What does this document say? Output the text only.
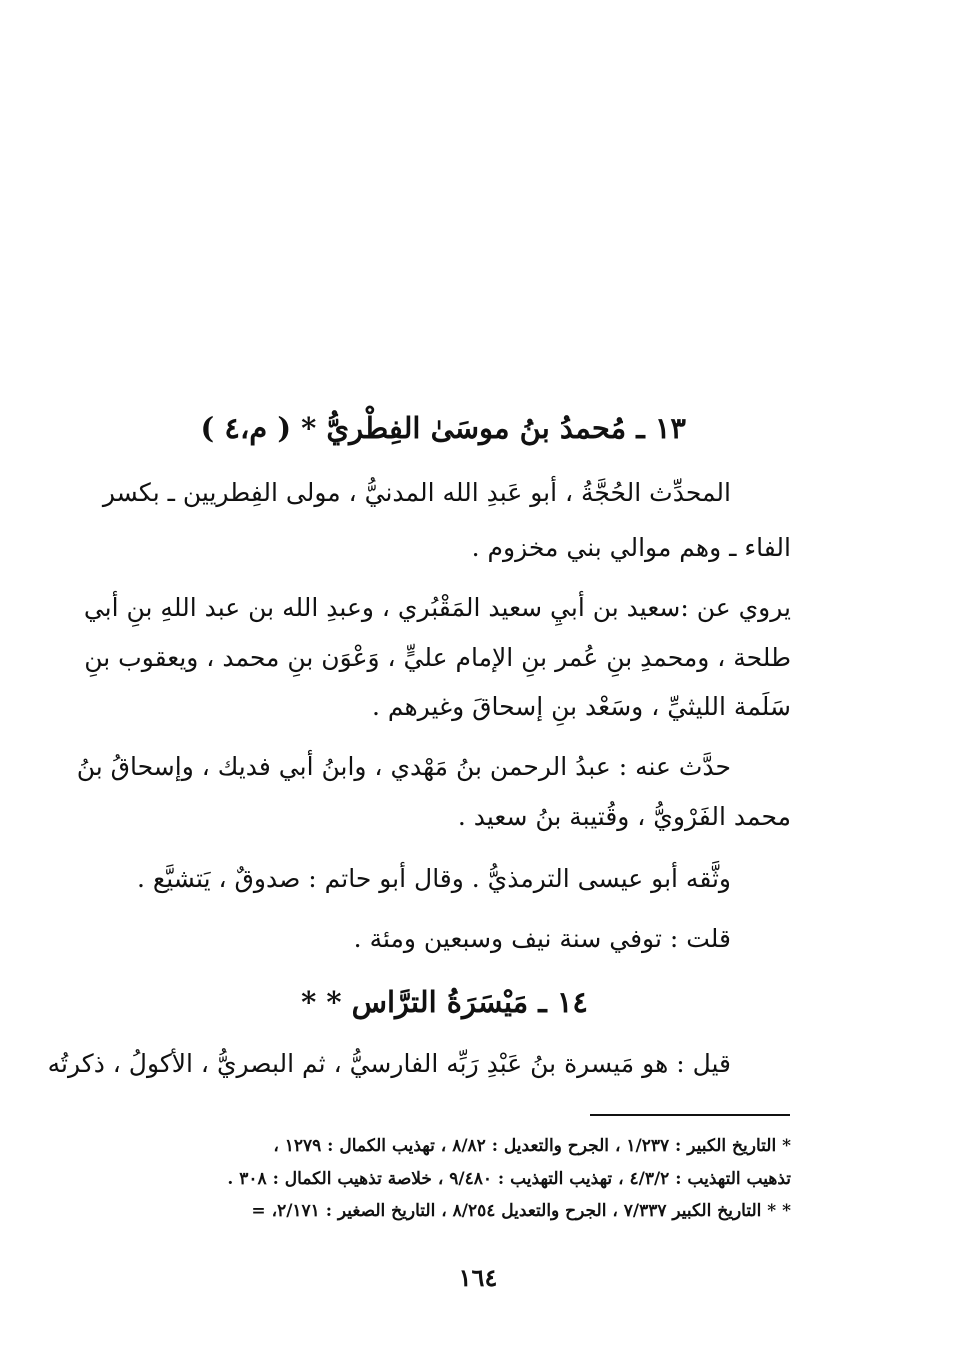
١٣ ـ مُحمدُ بنُ موسَىٰ الفِطْريُّ * ( م،٤ )
المحدِّث الحُجَّةُ ، أبو عَبدِ الله المدنيُّ ، مولى الفِطريين ـ بكسر
الفاء ـ وهم موالي بني مخزوم .
يروي عن :سعيد بن أبيِ سعيد المَقْبُري ، وعبدِ الله بن عبد اللهِ بنِ أبي
طلحة ، ومحمدِ بنِ عُمر بنِ الإمام عليٍّ ، وَعْوَن بنِ محمد ، ويعقوب بنِ
سَلَمة الليثيِّ ، وسَعْد بنِ إسحاقَ وغيرهم .
حدَّث عنه : عبدُ الرحمن بنُ مَهْدي ، وابنُ أبي فديك ، وإسحاقُ بنُ
محمد الفَرْويُّ ، وقُتيبة بنُ سعيد .
وثَّقه أبو عيسى الترمذيُّ . وقال أبو حاتم : صدوقٌ ، يَتشيَّع .
قلت : توفي سنة نيف وسبعين ومئة .
١٤ ـ مَيْسَرَةُ الترَّاس * *
قيل : هو مَيسرة بنُ عَبْدِ رَبِّه الفارسيُّ ، ثم البصريُّ ، الأكولُ ، ذكرتُه
* التاريخ الكبير : ١/٢٣٧ ، الجرح والتعديل : ٨/٨٢ ، تهذيب الكمال : ١٢٧٩ ،
تذهيب التهذيب : ٤/٣/٢ ، تهذيب التهذيب : ٩/٤٨٠ ، خلاصة تذهيب الكمال : ٣٠٨ .
* * التاريخ الكبير ٧/٣٣٧ ، الجرح والتعديل ٨/٢٥٤ ، التاريخ الصغير : ٢/١٧١، =
١٦٤
